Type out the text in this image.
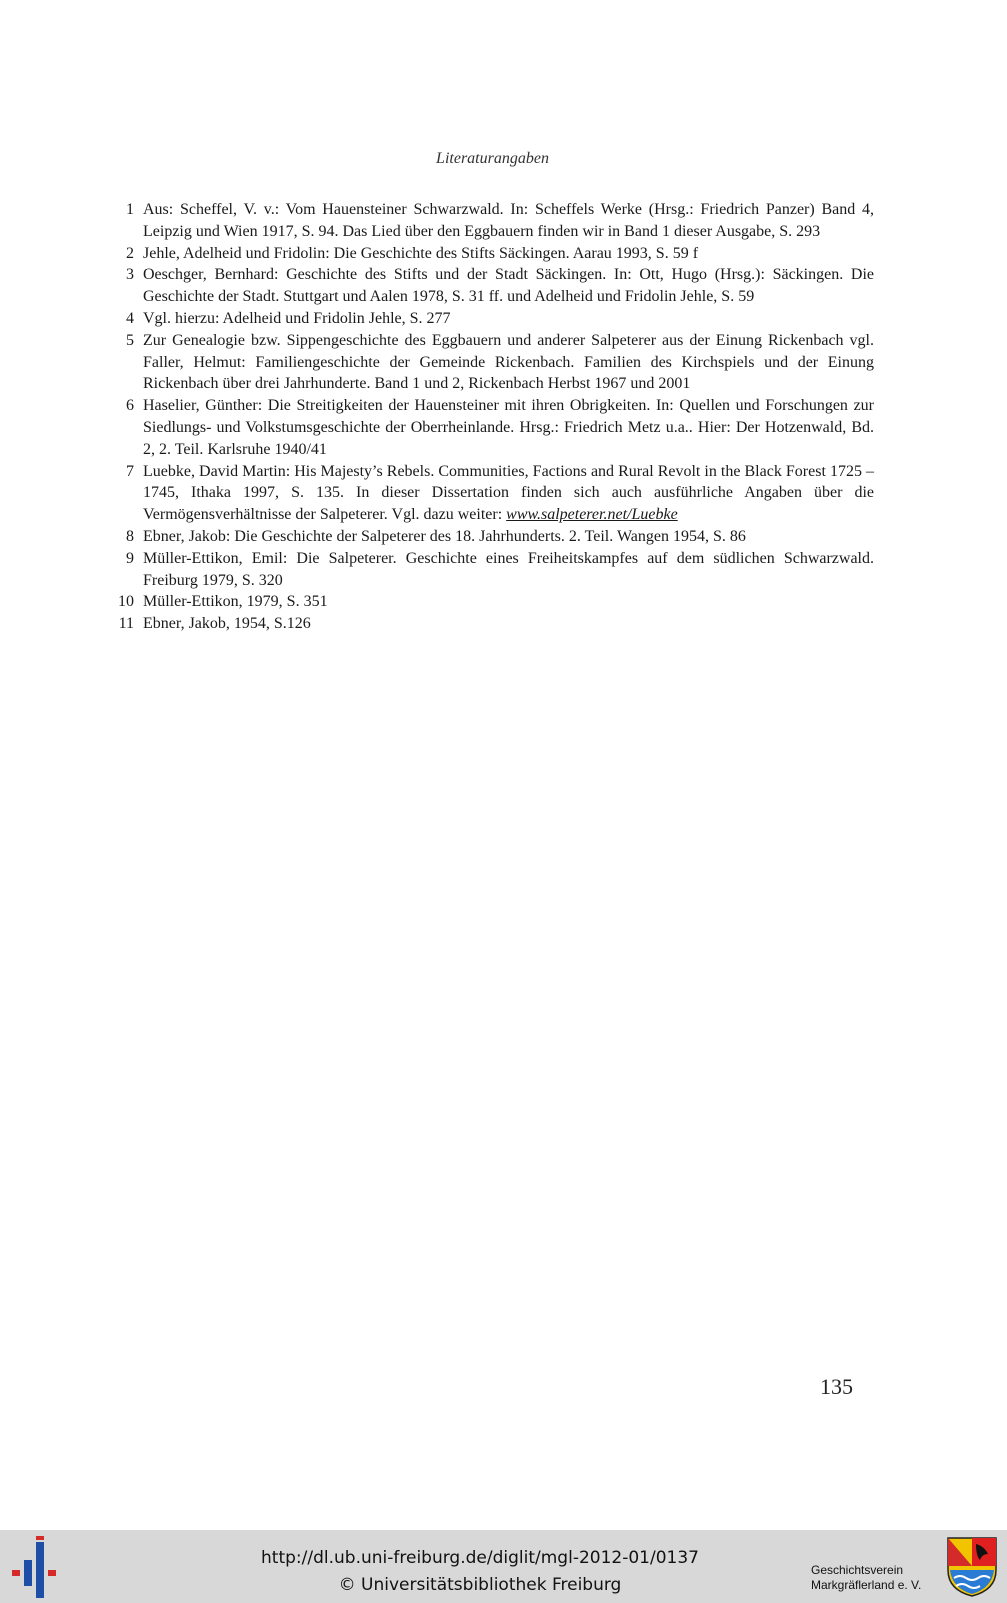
Literaturangaben
1 Aus: Scheffel, V. v.: Vom Hauensteiner Schwarzwald. In: Scheffels Werke (Hrsg.: Friedrich Panzer) Band 4, Leipzig und Wien 1917, S. 94. Das Lied über den Eggbauern finden wir in Band 1 dieser Ausgabe, S. 293
2 Jehle, Adelheid und Fridolin: Die Geschichte des Stifts Säckingen. Aarau 1993, S. 59 f
3 Oeschger, Bernhard: Geschichte des Stifts und der Stadt Säckingen. In: Ott, Hugo (Hrsg.): Säckingen. Die Geschichte der Stadt. Stuttgart und Aalen 1978, S. 31 ff. und Adelheid und Fridolin Jehle, S. 59
4 Vgl. hierzu: Adelheid und Fridolin Jehle, S. 277
5 Zur Genealogie bzw. Sippengeschichte des Eggbauern und anderer Salpeterer aus der Einung Rickenbach vgl. Faller, Helmut: Familiengeschichte der Gemeinde Rickenbach. Familien des Kirchspiels und der Einung Rickenbach über drei Jahrhunderte. Band 1 und 2, Rickenbach Herbst 1967 und 2001
6 Haselier, Günther: Die Streitigkeiten der Hauensteiner mit ihren Obrigkeiten. In: Quellen und Forschungen zur Siedlungs- und Volkstumsgeschichte der Oberrheinlande. Hrsg.: Friedrich Metz u.a.. Hier: Der Hotzenwald, Bd. 2, 2. Teil. Karlsruhe 1940/41
7 Luebke, David Martin: His Majesty’s Rebels. Communities, Factions and Rural Revolt in the Black Forest 1725 – 1745, Ithaka 1997, S. 135. In dieser Dissertation finden sich auch ausführliche Angaben über die Vermögensverhältnisse der Salpeterer. Vgl. dazu weiter: www.salpeterer.net/Luebke
8 Ebner, Jakob: Die Geschichte der Salpeterer des 18. Jahrhunderts. 2. Teil. Wangen 1954, S. 86
9 Müller-Ettikon, Emil: Die Salpeterer. Geschichte eines Freiheitskampfes auf dem südlichen Schwarzwald. Freiburg 1979, S. 320
10 Müller-Ettikon, 1979, S. 351
11 Ebner, Jakob, 1954, S.126
135
http://dl.ub.uni-freiburg.de/diglit/mgl-2012-01/0137
© Universitätsbibliothek Freiburg
Geschichtsverein
Markgräflerland e. V.
